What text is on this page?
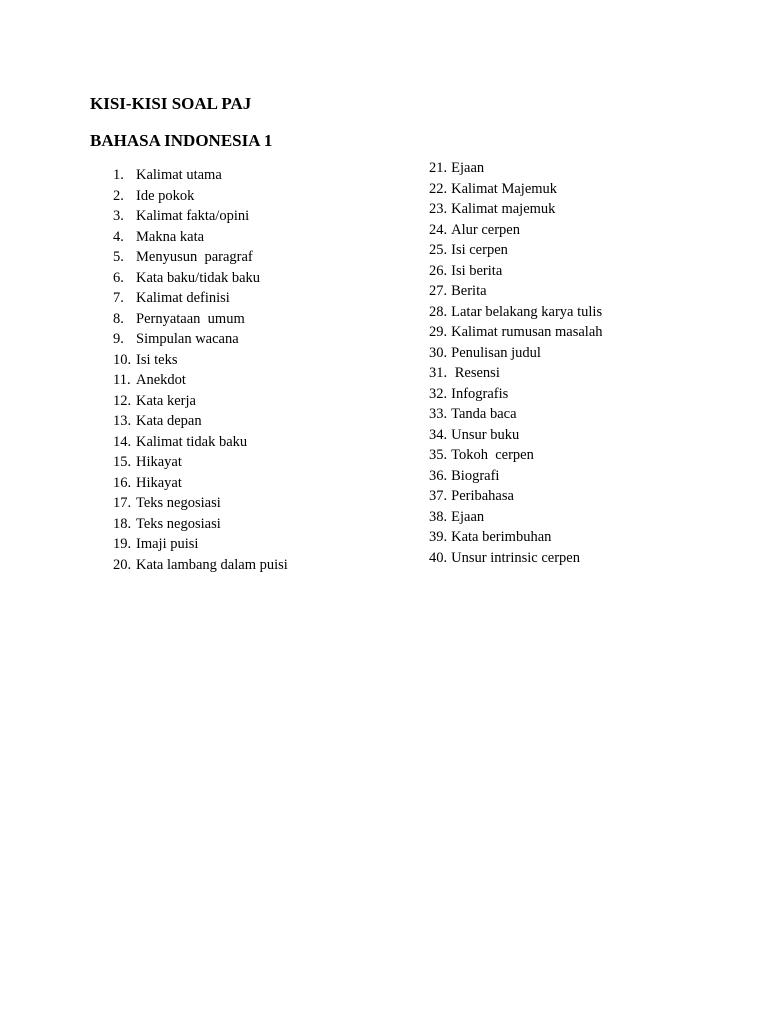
KISI-KISI SOAL PAJ
BAHASA INDONESIA 1
1. Kalimat utama
2. Ide pokok
3. Kalimat fakta/opini
4. Makna kata
5. Menyusun  paragraf
6. Kata baku/tidak baku
7. Kalimat definisi
8. Pernyataan  umum
9. Simpulan wacana
10. Isi teks
11. Anekdot
12. Kata kerja
13. Kata depan
14. Kalimat tidak baku
15. Hikayat
16. Hikayat
17. Teks negosiasi
18. Teks negosiasi
19. Imaji puisi
20. Kata lambang dalam puisi
21. Ejaan
22. Kalimat Majemuk
23. Kalimat majemuk
24. Alur cerpen
25. Isi cerpen
26. Isi berita
27. Berita
28. Latar belakang karya tulis
29. Kalimat rumusan masalah
30. Penulisan judul
31. Resensi
32. Infografis
33. Tanda baca
34. Unsur buku
35. Tokoh  cerpen
36. Biografi
37. Peribahasa
38. Ejaan
39. Kata berimbuhan
40. Unsur intrinsic cerpen
